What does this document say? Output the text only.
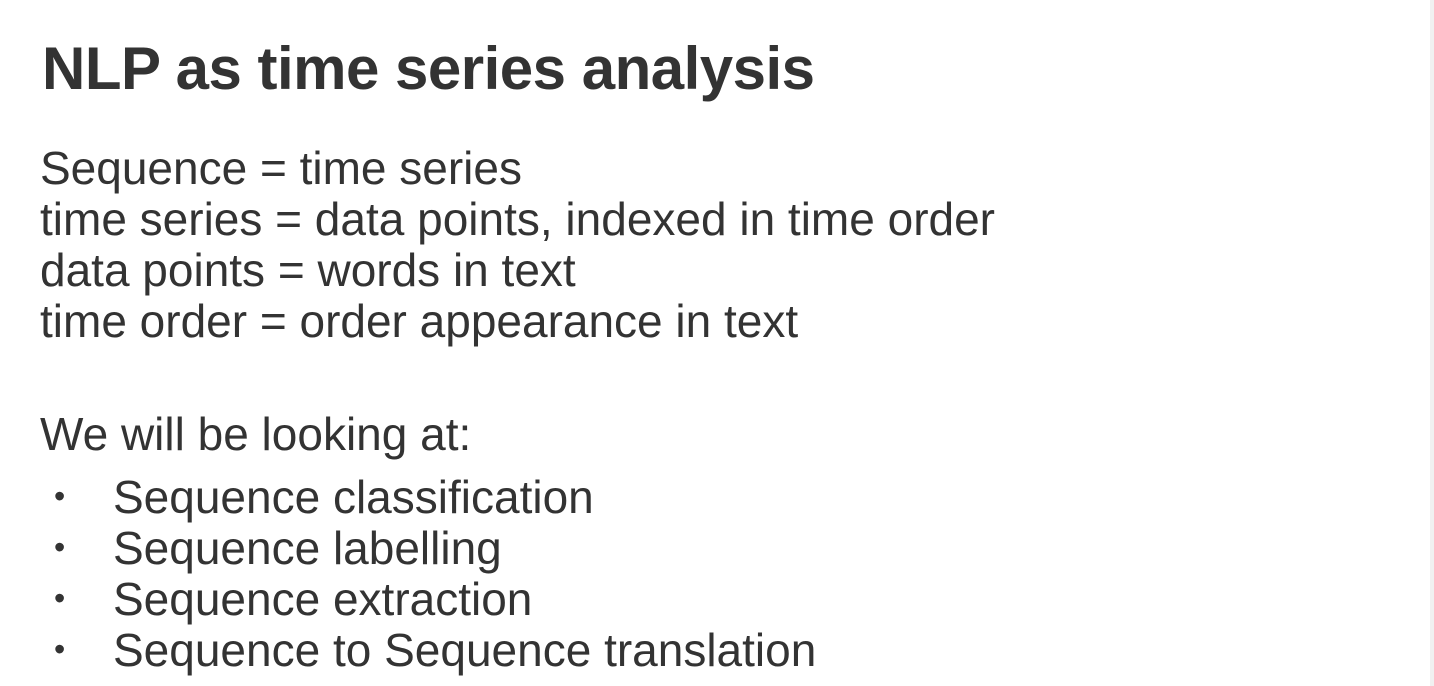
NLP as time series analysis
Sequence = time series
time series = data points, indexed in time order
data points = words in text
time order = order appearance in text

We will be looking at:

•	Sequence classification
•	Sequence labelling
•	Sequence extraction
•	Sequence to Sequence translation
